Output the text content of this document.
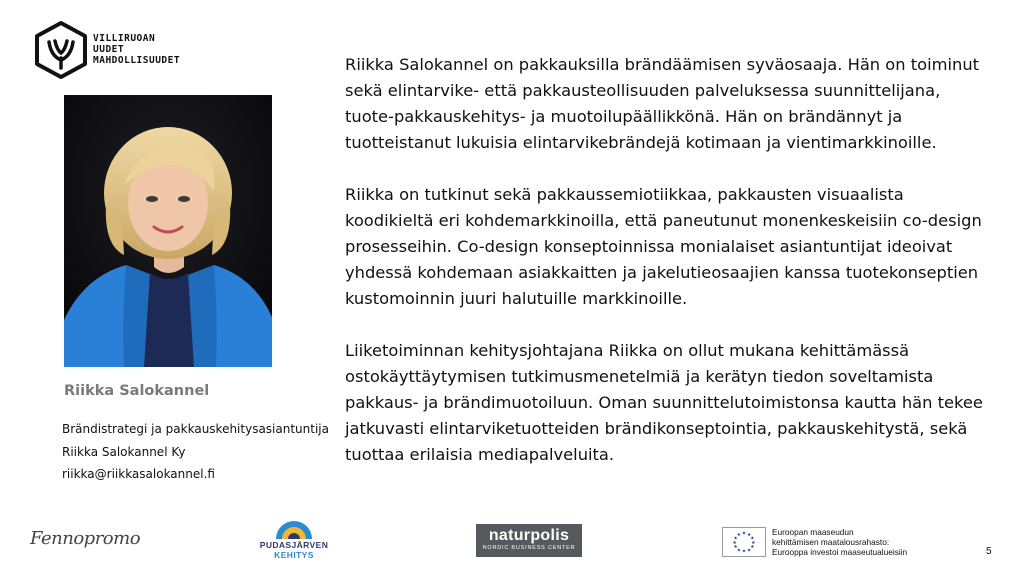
VILLIRUOAN
UUDET
MAHDOLLISUUDET
Riikka Salokannel
Brändistrategi ja pakkauskehitysasiantuntija
Riikka Salokannel Ky
riikka@riikkasalokannel.fi

Riikka Salokannel on pakkauksilla brändäämisen syväosaaja. Hän on toiminut sekä elintarvike- että pakkausteollisuuden palveluksessa suunnittelijana, tuote-pakkauskehitys- ja muotoilupäällikkönä. Hän on brändännyt ja tuotteistanut lukuisia elintarvikebrändejä kotimaan ja vientimarkkinoille.

Riikka on tutkinut sekä pakkaussemiotiikkaa, pakkausten visuaalista koodikieltä eri kohdemarkkinoilla, että paneutunut monenkeskeisiin co-design prosesseihin. Co-design konseptoinnissa monialaiset asiantuntijat ideoivat yhdessä kohdemaan asiakkaitten ja jakelutieosaajien kanssa tuotekonseptien kustomoinnin juuri halutuille markkinoille.

Liiketoiminnan kehitysjohtajana Riikka on ollut mukana kehittämässä ostokäyttäytymisen tutkimusmenetelmiä ja kerätyn tiedon soveltamista pakkaus- ja brändimuotoiluun. Oman suunnittelutoimistonsa kautta hän tekee jatkuvasti elintarviketuotteiden brändikonseptointia, pakkauskehitystä, sekä tuottaa erilaisia mediapalveluita.

Fennopromo	PUDASJÄRVEN
KEHITYS
naturpolis
NORDIC BUSINESS CENTER
★ ★
★
★
★
★
★
★
★
★
★
★	Euroopan maaseudun
kehittämisen maatalousrahasto:
Eurooppa investoi maaseutualueisiin	5
